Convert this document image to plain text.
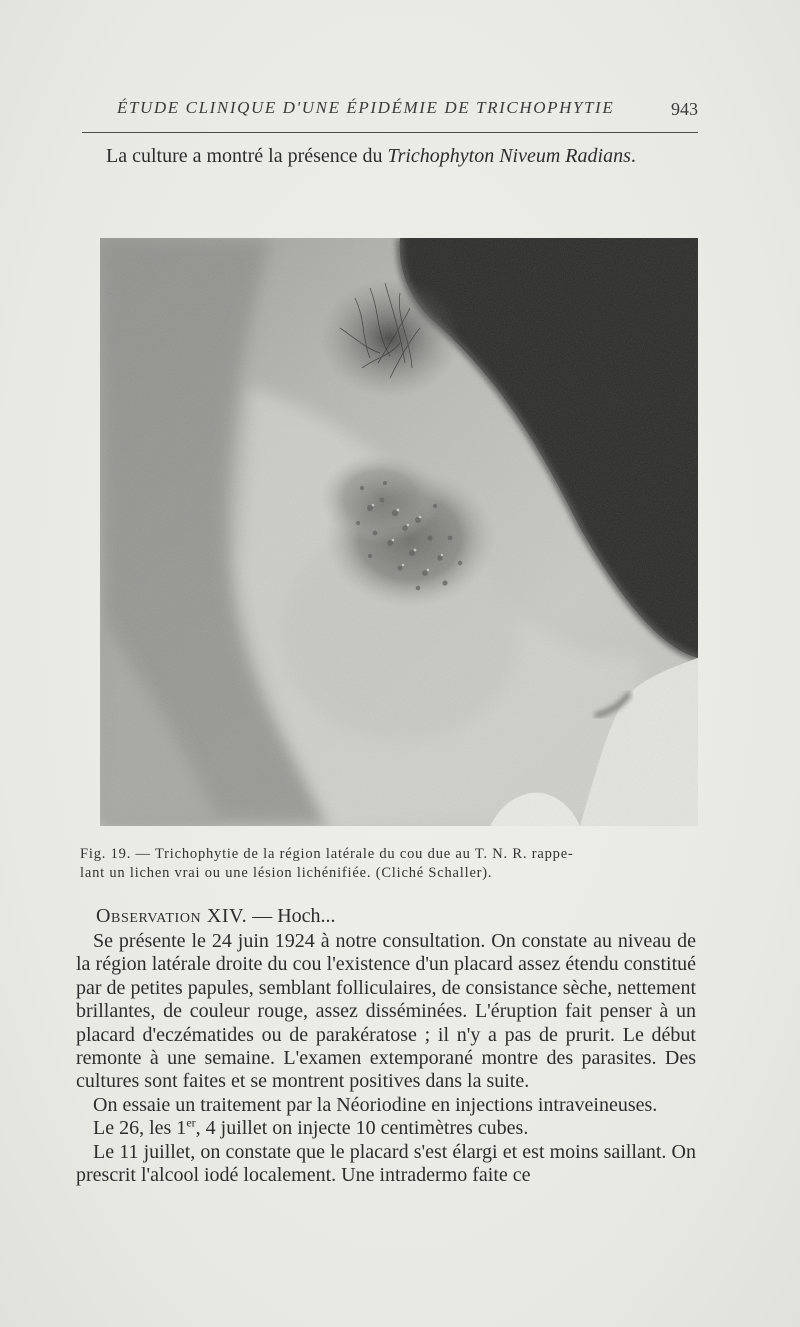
ÉTUDE CLINIQUE D'UNE ÉPIDÉMIE DE TRICHOPHYTIE	943
La culture a montré la présence du Trichophyton Niveum Radians.
Fig. 19. — Trichophytie de la région latérale du cou due au T. N. R. rappe-
lant un lichen vrai ou une lésion lichénifiée. (Cliché Schaller).
Observation XIV. — Hoch...

Se présente le 24 juin 1924 à notre consultation. On constate au niveau de la région latérale droite du cou l'existence d'un placard assez étendu constitué par de petites papules, semblant folliculaires, de consistance sèche, nettement brillantes, de couleur rouge, assez disséminées. L'éruption fait penser à un placard d'eczématides ou de parakératose ; il n'y a pas de prurit. Le début remonte à une semaine. L'examen extemporané montre des parasites. Des cultures sont faites et se montrent positives dans la suite.

On essaie un traitement par la Néoriodine en injections intraveineuses.

Le 26, les 1er, 4 juillet on injecte 10 centimètres cubes.

Le 11 juillet, on constate que le placard s'est élargi et est moins saillant. On prescrit l'alcool iodé localement. Une intradermo faite ce
